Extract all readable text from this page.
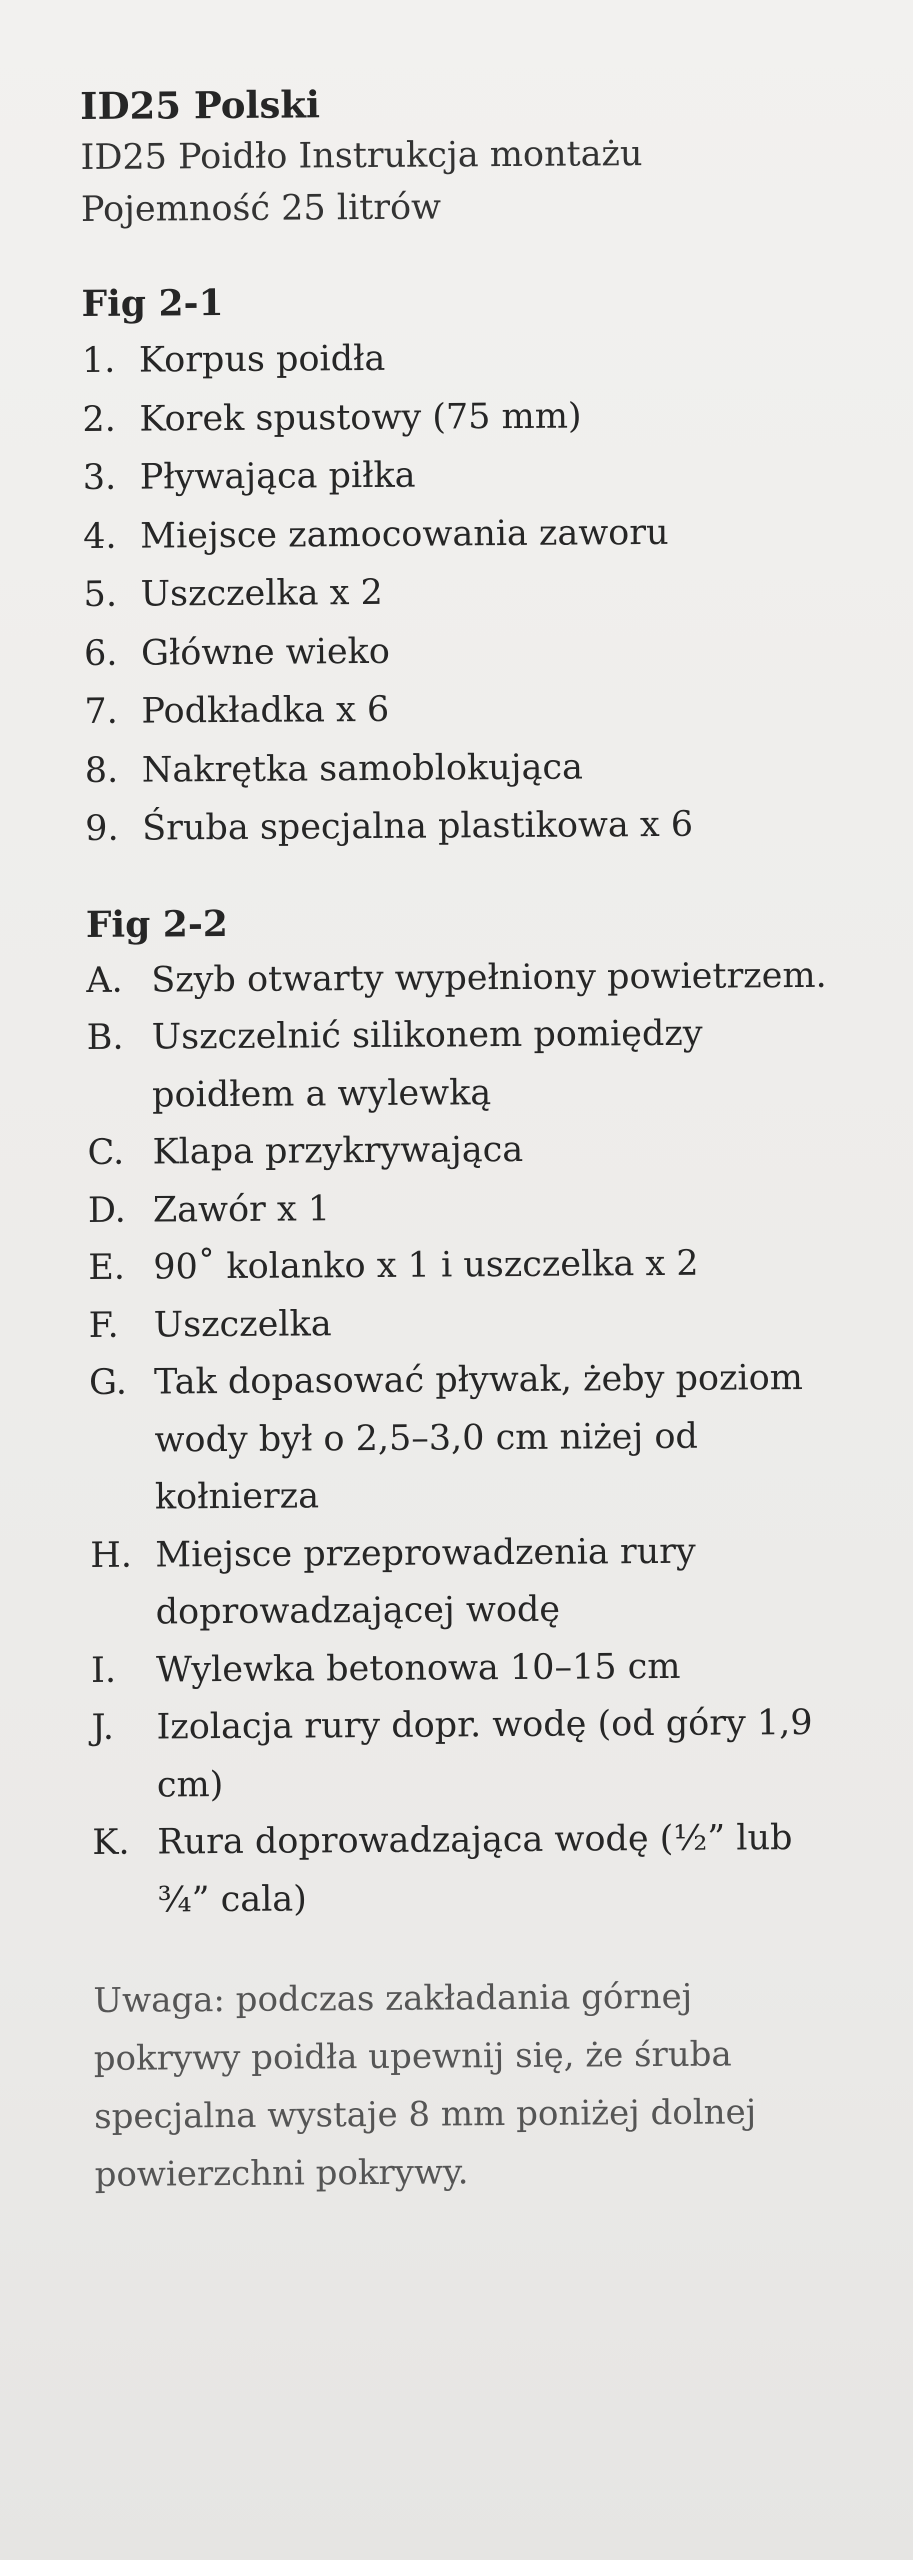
ID25 Polski

ID25 Poidło Instrukcja montażu

Pojemność 25 litrów

Fig 2-1

1. Korpus poidła
2. Korek spustowy (75 mm)
3. Pływająca piłka
4. Miejsce zamocowania zaworu
5. Uszczelka x 2
6. Główne wieko
7. Podkładka x 6
8. Nakrętka samoblokująca
9. Śruba specjalna plastikowa x 6

Fig 2-2

A. Szyb otwarty wypełniony powietrzem.
B. Uszczelnić silikonem pomiędzy poidłem a wylewką
C. Klapa przykrywająca
D. Zawór x 1
E. 90˚ kolanko x 1 i uszczelka x 2
F. Uszczelka
G. Tak dopasować pływak, żeby poziom wody był o 2,5–3,0 cm niżej od kołnierza
H. Miejsce przeprowadzenia rury doprowadzającej wodę
I.	Wylewka betonowa 10–15 cm
J.	Izolacja rury dopr. wodę (od góry 1,9 cm)
K. Rura doprowadzająca wodę (½” lub ¾” cala)

Uwaga: podczas zakładania górnej pokrywy poidła upewnij się, że śruba specjalna wystaje 8 mm poniżej dolnej powierzchni pokrywy.
